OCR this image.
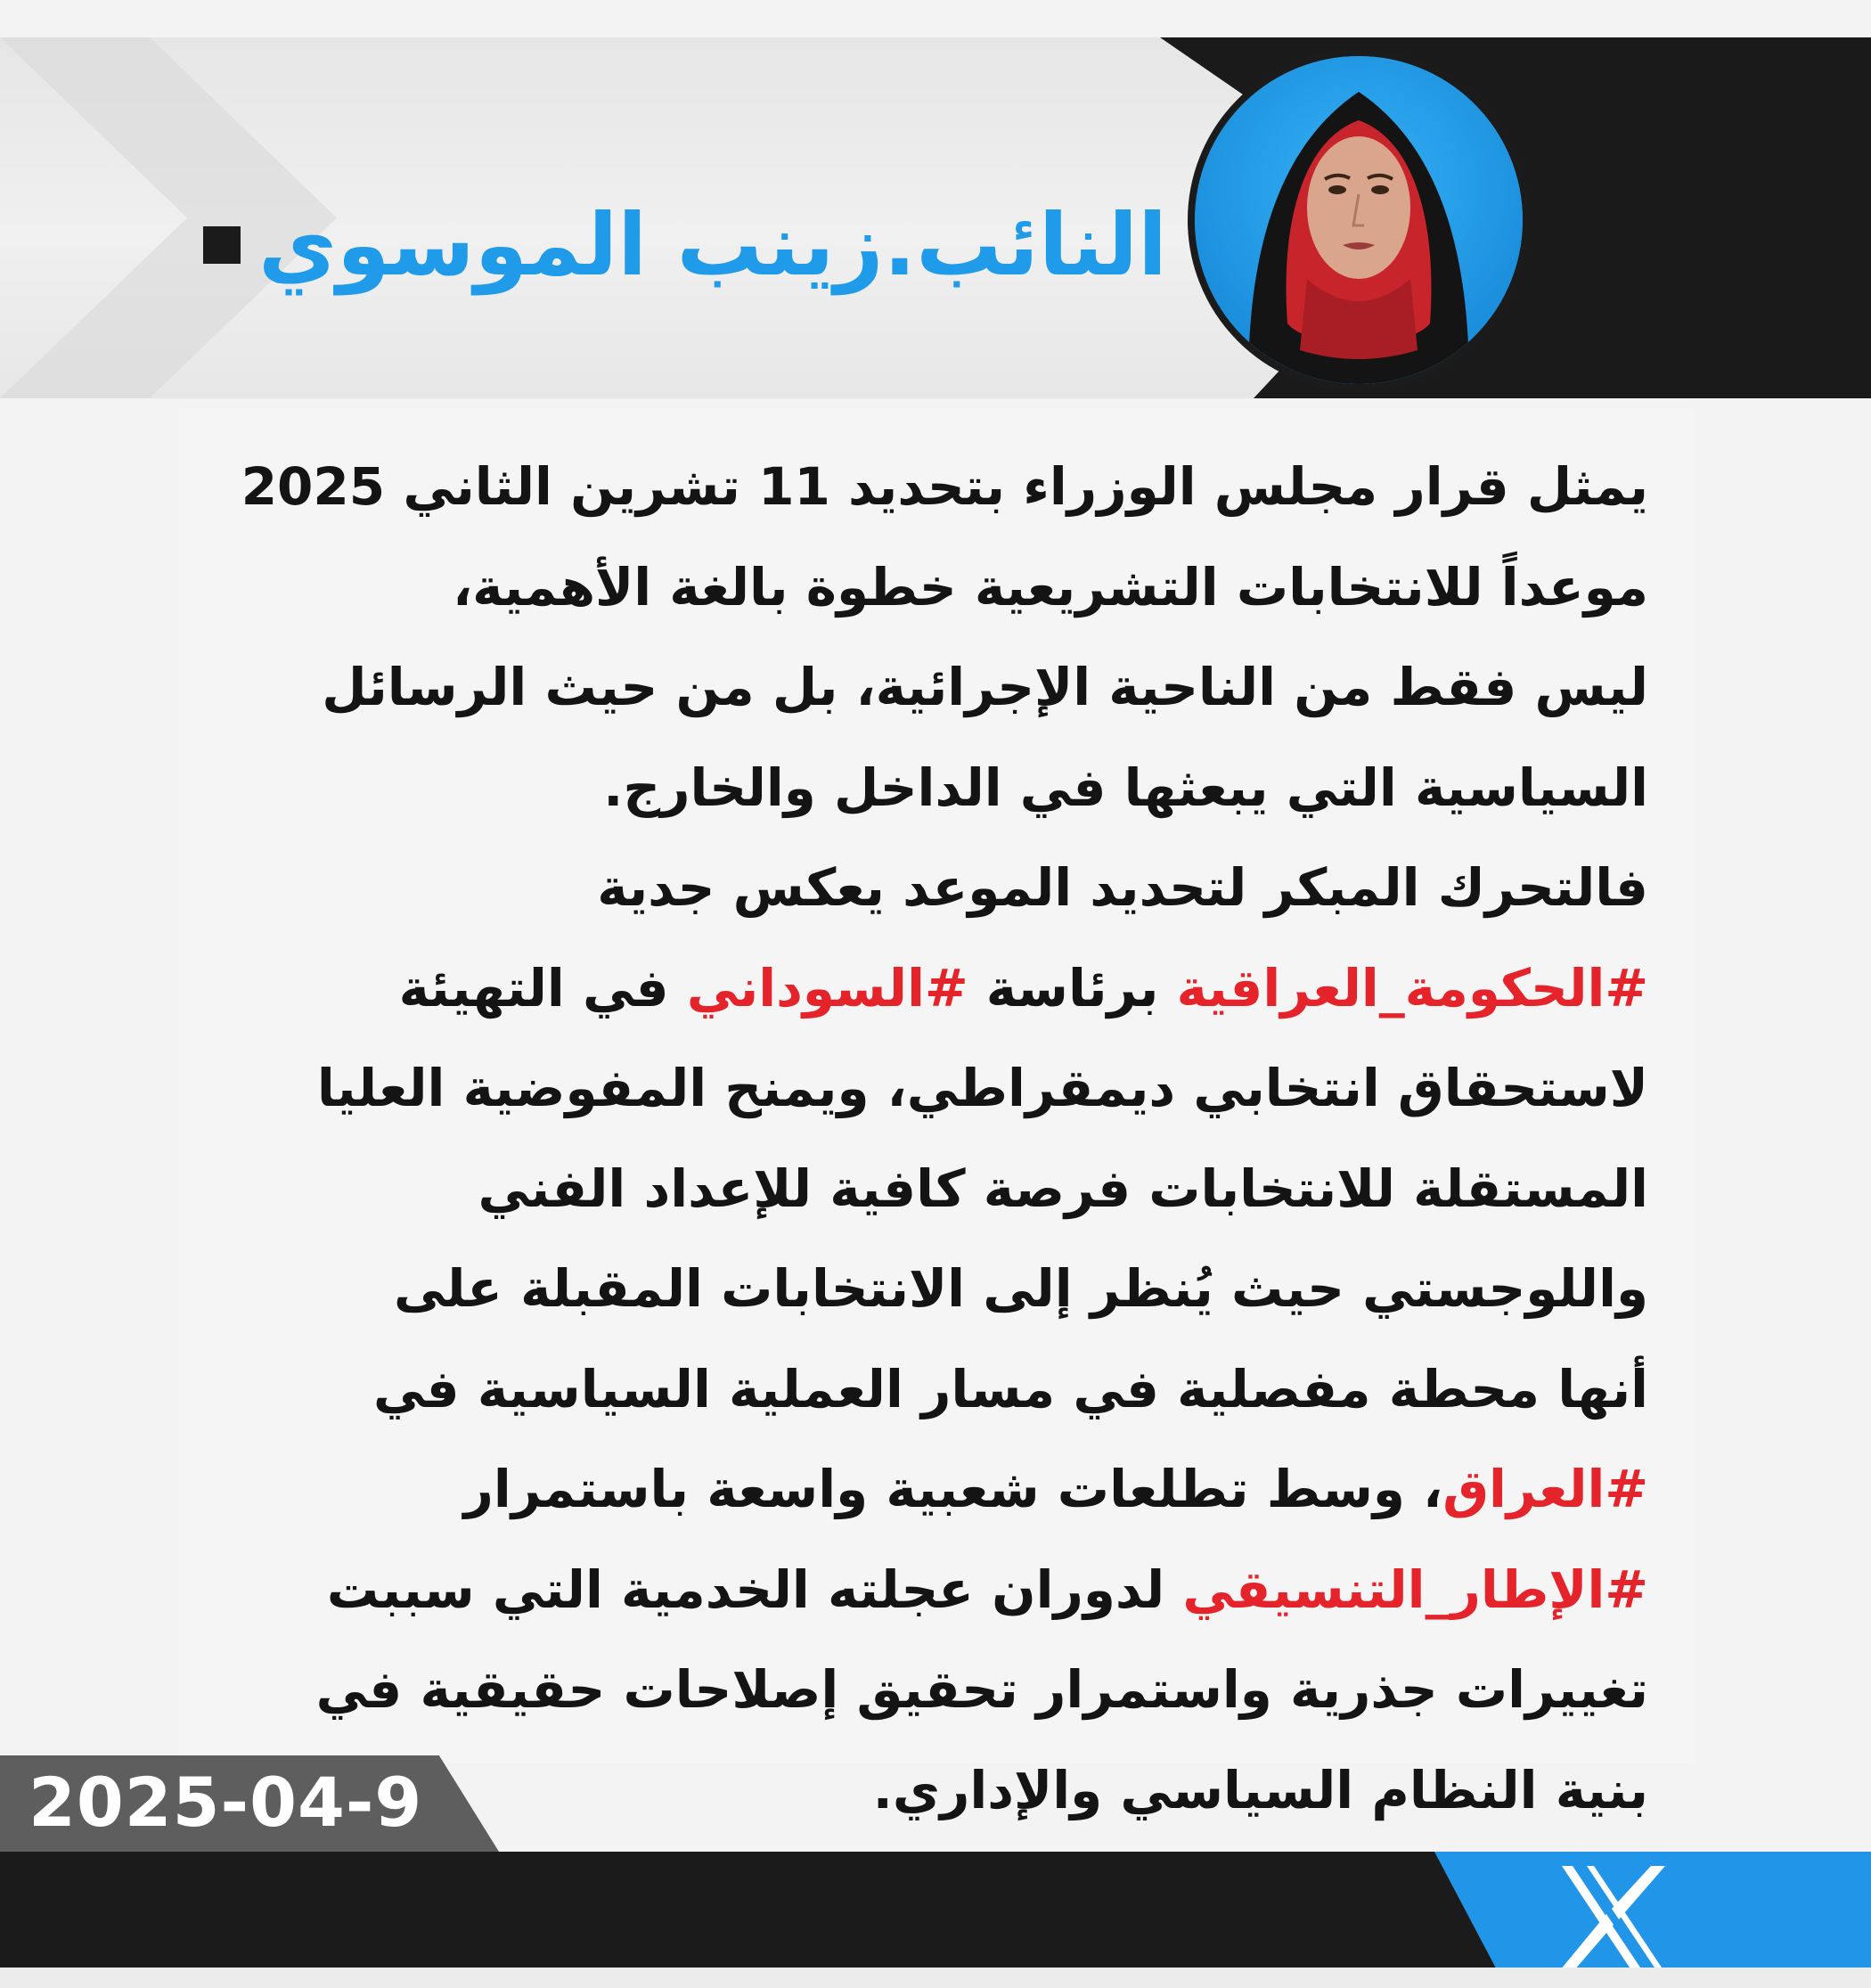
النائب.زينب الموسوي

يمثل قرار مجلس الوزراء بتحديد 11 تشرين الثاني 2025
موعداً للانتخابات التشريعية خطوة بالغة الأهمية،
ليس فقط من الناحية الإجرائية، بل من حيث الرسائل
السياسية التي يبعثها في الداخل والخارج.
فالتحرك المبكر لتحديد الموعد يعكس جدية
#الحكومة_العراقية برئاسة #السوداني في التهيئة
لاستحقاق انتخابي ديمقراطي، ويمنح المفوضية العليا
المستقلة للانتخابات فرصة كافية للإعداد الفني
واللوجستي حيث يُنظر إلى الانتخابات المقبلة على
أنها محطة مفصلية في مسار العملية السياسية في
#العراق، وسط تطلعات شعبية واسعة باستمرار
#الإطار_التنسيقي لدوران عجلته الخدمية التي سببت
تغييرات جذرية واستمرار تحقيق إصلاحات حقيقية في
بنية النظام السياسي والإداري.

2025-04-9
